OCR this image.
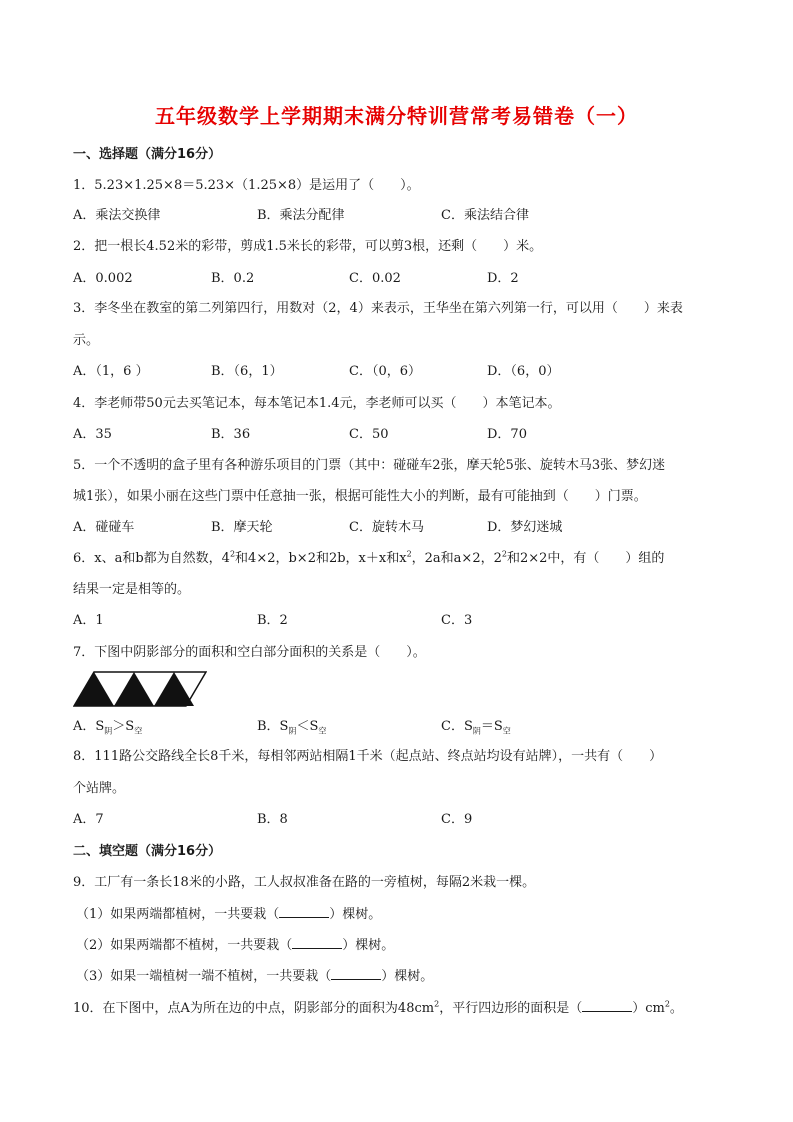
五年级数学上学期期末满分特训营常考易错卷（一）
一、选择题（满分16分）
1．5.23×1.25×8＝5.23×（1.25×8）是运用了（　　）。
A．乘法交换律	B．乘法分配律	C．乘法结合律
2．把一根长4.52米的彩带，剪成1.5米长的彩带，可以剪3根，还剩（　　）米。
A．0.002	B．0.2	C．0.02	D．2
3．李冬坐在教室的第二列第四行，用数对（2，4）来表示，王华坐在第六列第一行，可以用（　　）来表
示。
A．（1，6 ）	B．（6，1）	C．（0，6）	D．（6，0）
4．李老师带50元去买笔记本，每本笔记本1.4元，李老师可以买（　　）本笔记本。
A．35	B．36	C．50	D．70
5．一个不透明的盒子里有各种游乐项目的门票（其中：碰碰车2张，摩天轮5张、旋转木马3张、梦幻迷
城1张），如果小丽在这些门票中任意抽一张，根据可能性大小的判断，最有可能抽到（　　）门票。
A．碰碰车	B．摩天轮	C．旋转木马	D．梦幻迷城
6．x、a和b都为自然数，$4^2$和4×2，b×2和2b，x＋x和$x^2$，2a和a×2，$2^2$和2×2中，有（　　）组的
结果一定是相等的。
A．1	B．2	C．3
7．下图中阴影部分的面积和空白部分面积的关系是（　　）。
A．$S_阴>S_空$	B．$S_阴<S_空$	C．$S_阴=S_空$
8．111路公交路线全长8千米，每相邻两站相隔1千米（起点站、终点站均设有站牌），一共有（　　）
个站牌。
A．7	B．8	C．9
二、填空题（满分16分）
9．工厂有一条长18米的小路，工人叔叔准备在路的一旁植树，每隔2米栽一棵。
（1）如果两端都植树，一共要栽（	）棵树。
（2）如果两端都不植树，一共要栽（	）棵树。
（3）如果一端植树一端不植树，一共要栽（	）棵树。
10．在下图中，点A为所在边的中点，阴影部分的面积为$48cm^2$，平行四边形的面积是（	）$cm^2$。
